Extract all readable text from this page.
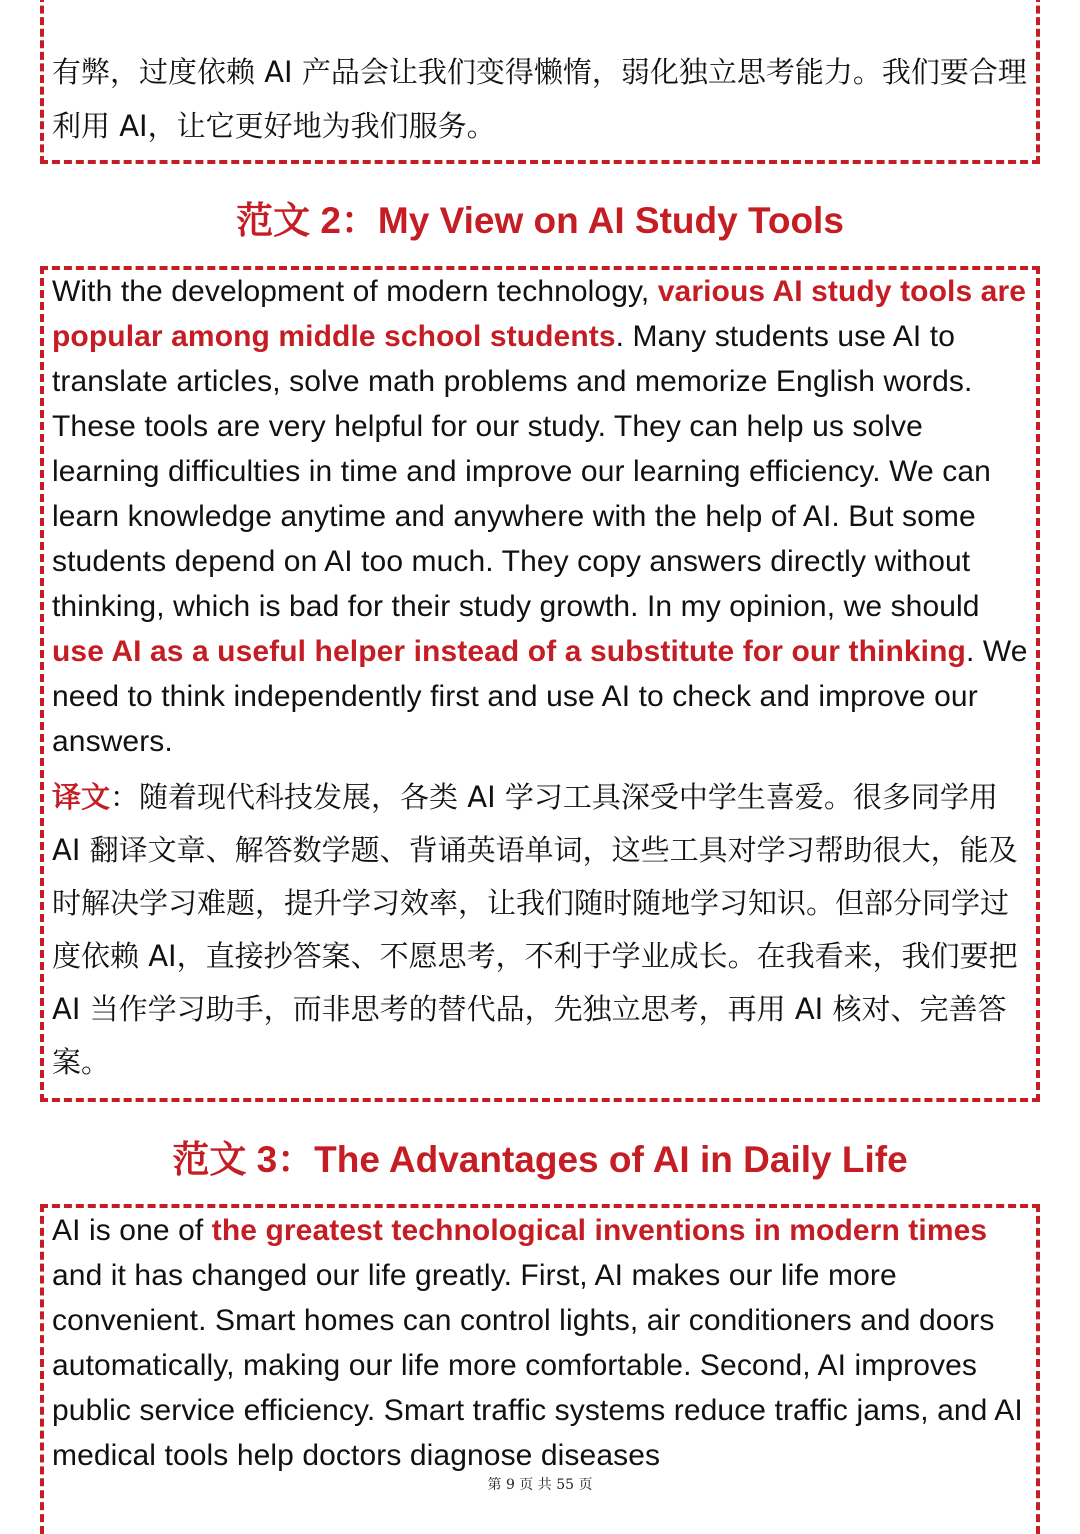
有弊，过度依赖 AI 产品会让我们变得懒惰，弱化独立思考能力。我们要合理利用 AI，让它更好地为我们服务。
范文 2：My View on AI Study Tools
With the development of modern technology, various AI study tools are popular among middle school students. Many students use AI to translate articles, solve math problems and memorize English words. These tools are very helpful for our study. They can help us solve learning difficulties in time and improve our learning efficiency. We can learn knowledge anytime and anywhere with the help of AI. But some students depend on AI too much. They copy answers directly without thinking, which is bad for their study growth. In my opinion, we should use AI as a useful helper instead of a substitute for our thinking. We need to think independently first and use AI to check and improve our answers.
译文：随着现代科技发展，各类 AI 学习工具深受中学生喜爱。很多同学用 AI 翻译文章、解答数学题、背诵英语单词，这些工具对学习帮助很大，能及时解决学习难题，提升学习效率，让我们随时随地学习知识。但部分同学过度依赖 AI，直接抄答案、不愿思考，不利于学业成长。在我看来，我们要把 AI 当作学习助手，而非思考的替代品，先独立思考，再用 AI 核对、完善答案。
范文 3：The Advantages of AI in Daily Life
AI is one of the greatest technological inventions in modern times and it has changed our life greatly. First, AI makes our life more convenient. Smart homes can control lights, air conditioners and doors automatically, making our life more comfortable. Second, AI improves public service efficiency. Smart traffic systems reduce traffic jams, and AI medical tools help doctors diagnose diseases
第 9 页 共 55 页
